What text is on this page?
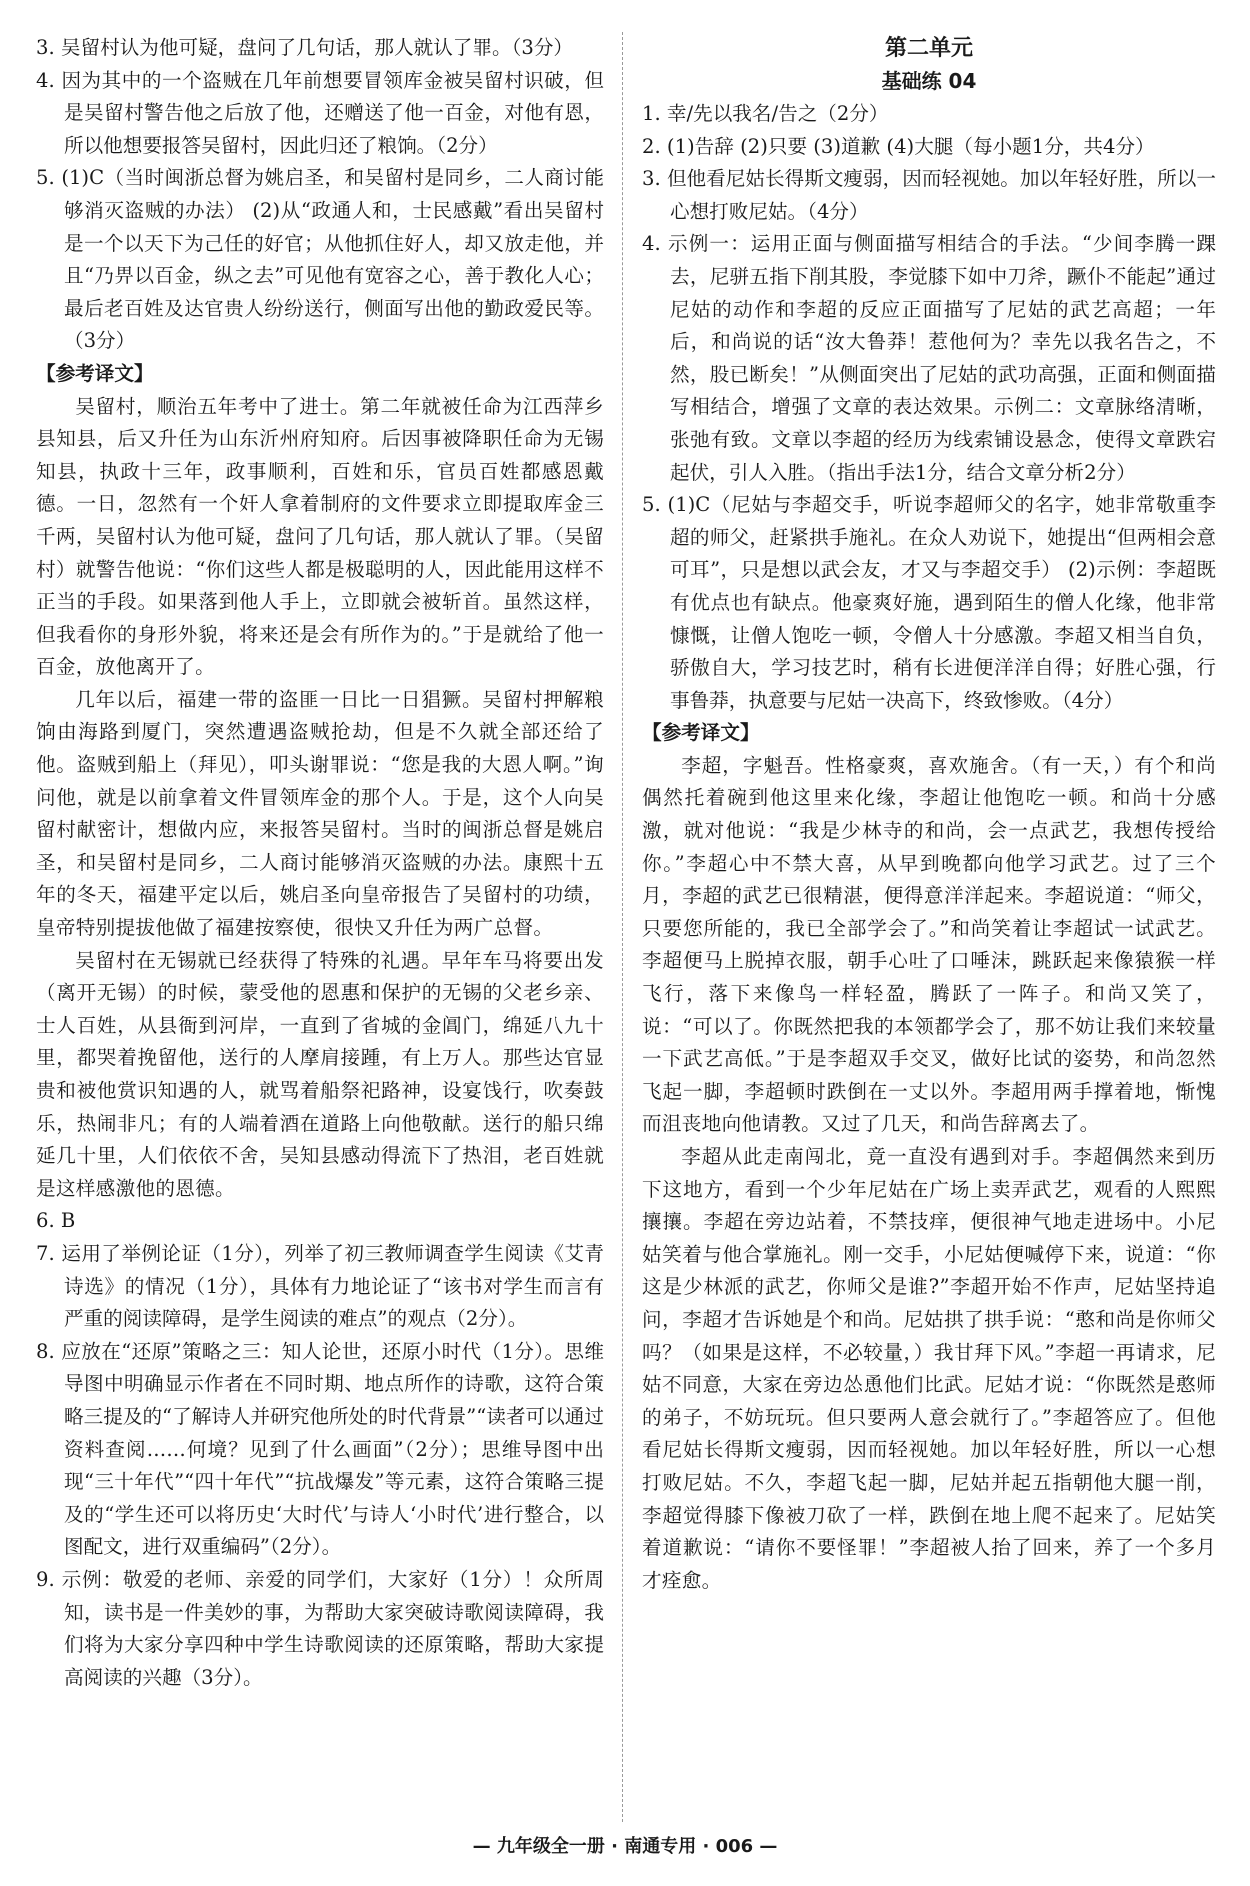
3. 吴留村认为他可疑，盘问了几句话，那人就认了罪。（3分）

4. 因为其中的一个盗贼在几年前想要冒领库金被吴留村识破，但是吴留村警告他之后放了他，还赠送了他一百金，对他有恩，所以他想要报答吴留村，因此归还了粮饷。（2分）

5. (1)C（当时闽浙总督为姚启圣，和吴留村是同乡，二人商讨能够消灭盗贼的办法） (2)从“政通人和，士民感戴”看出吴留村是一个以天下为己任的好官；从他抓住好人，却又放走他，并且“乃畀以百金，纵之去”可见他有宽容之心，善于教化人心；最后老百姓及达官贵人纷纷送行，侧面写出他的勤政爱民等。（3分）

【参考译文】

吴留村，顺治五年考中了进士。第二年就被任命为江西萍乡县知县，后又升任为山东沂州府知府。后因事被降职任命为无锡知县，执政十三年，政事顺利，百姓和乐，官员百姓都感恩戴德。一日，忽然有一个奸人拿着制府的文件要求立即提取库金三千两，吴留村认为他可疑，盘问了几句话，那人就认了罪。（吴留村）就警告他说：“你们这些人都是极聪明的人，因此能用这样不正当的手段。如果落到他人手上，立即就会被斩首。虽然这样，但我看你的身形外貌，将来还是会有所作为的。”于是就给了他一百金，放他离开了。

几年以后，福建一带的盗匪一日比一日猖獗。吴留村押解粮饷由海路到厦门，突然遭遇盗贼抢劫，但是不久就全部还给了他。盗贼到船上（拜见），叩头谢罪说：“您是我的大恩人啊。”询问他，就是以前拿着文件冒领库金的那个人。于是，这个人向吴留村献密计，想做内应，来报答吴留村。当时的闽浙总督是姚启圣，和吴留村是同乡，二人商讨能够消灭盗贼的办法。康熙十五年的冬天，福建平定以后，姚启圣向皇帝报告了吴留村的功绩，皇帝特别提拔他做了福建按察使，很快又升任为两广总督。

吴留村在无锡就已经获得了特殊的礼遇。早年车马将要出发（离开无锡）的时候，蒙受他的恩惠和保护的无锡的父老乡亲、士人百姓，从县衙到河岸，一直到了省城的金阊门，绵延八九十里，都哭着挽留他，送行的人摩肩接踵，有上万人。那些达官显贵和被他赏识知遇的人，就骂着船祭祀路神，设宴饯行，吹奏鼓乐，热闹非凡；有的人端着酒在道路上向他敬献。送行的船只绵延几十里，人们依依不舍，吴知县感动得流下了热泪，老百姓就是这样感激他的恩德。

6. B

7. 运用了举例论证（1分），列举了初三教师调查学生阅读《艾青诗选》的情况（1分），具体有力地论证了“该书对学生而言有严重的阅读障碍，是学生阅读的难点”的观点（2分）。

8. 应放在“还原”策略之三：知人论世，还原小时代（1分）。思维导图中明确显示作者在不同时期、地点所作的诗歌，这符合策略三提及的“了解诗人并研究他所处的时代背景”“读者可以通过资料查阅……何境？见到了什么画面”（2分）；思维导图中出现“三十年代”“四十年代”“抗战爆发”等元素，这符合策略三提及的“学生还可以将历史‘大时代’与诗人‘小时代’进行整合，以图配文，进行双重编码”（2分）。

9. 示例：敬爱的老师、亲爱的同学们，大家好（1分）！众所周知，读书是一件美妙的事，为帮助大家突破诗歌阅读障碍，我们将为大家分享四种中学生诗歌阅读的还原策略，帮助大家提高阅读的兴趣（3分）。

第二单元

基础练 04

1. 幸/先以我名/告之（2分）

2. (1)告辞 (2)只要 (3)道歉 (4)大腿（每小题1分，共4分）

3. 但他看尼姑长得斯文瘦弱，因而轻视她。加以年轻好胜，所以一心想打败尼姑。（4分）

4. 示例一：运用正面与侧面描写相结合的手法。“少间李腾一踝去，尼骈五指下削其股，李觉膝下如中刀斧，蹶仆不能起”通过尼姑的动作和李超的反应正面描写了尼姑的武艺高超；一年后，和尚说的话“汝大鲁莽！惹他何为？幸先以我名告之，不然，股已断矣！”从侧面突出了尼姑的武功高强，正面和侧面描写相结合，增强了文章的表达效果。示例二：文章脉络清晰，张弛有致。文章以李超的经历为线索铺设悬念，使得文章跌宕起伏，引人入胜。（指出手法1分，结合文章分析2分）

5. (1)C（尼姑与李超交手，听说李超师父的名字，她非常敬重李超的师父，赶紧拱手施礼。在众人劝说下，她提出“但两相会意可耳”，只是想以武会友，才又与李超交手） (2)示例：李超既有优点也有缺点。他豪爽好施，遇到陌生的僧人化缘，他非常慷慨，让僧人饱吃一顿，令僧人十分感激。李超又相当自负，骄傲自大，学习技艺时，稍有长进便洋洋自得；好胜心强，行事鲁莽，执意要与尼姑一决高下，终致惨败。（4分）

【参考译文】

李超，字魁吾。性格豪爽，喜欢施舍。（有一天，）有个和尚偶然托着碗到他这里来化缘，李超让他饱吃一顿。和尚十分感激，就对他说：“我是少林寺的和尚，会一点武艺，我想传授给你。”李超心中不禁大喜，从早到晚都向他学习武艺。过了三个月，李超的武艺已很精湛，便得意洋洋起来。李超说道：“师父，只要您所能的，我已全部学会了。”和尚笑着让李超试一试武艺。李超便马上脱掉衣服，朝手心吐了口唾沫，跳跃起来像猿猴一样飞行，落下来像鸟一样轻盈，腾跃了一阵子。和尚又笑了，说：“可以了。你既然把我的本领都学会了，那不妨让我们来较量一下武艺高低。”于是李超双手交叉，做好比试的姿势，和尚忽然飞起一脚，李超顿时跌倒在一丈以外。李超用两手撑着地，惭愧而沮丧地向他请教。又过了几天，和尚告辞离去了。

李超从此走南闯北，竟一直没有遇到对手。李超偶然来到历下这地方，看到一个少年尼姑在广场上卖弄武艺，观看的人熙熙攘攘。李超在旁边站着，不禁技痒，便很神气地走进场中。小尼姑笑着与他合掌施礼。刚一交手，小尼姑便喊停下来，说道：“你这是少林派的武艺，你师父是谁?”李超开始不作声，尼姑坚持追问，李超才告诉她是个和尚。尼姑拱了拱手说：“憨和尚是你师父吗？（如果是这样，不必较量，）我甘拜下风。”李超一再请求，尼姑不同意，大家在旁边怂恿他们比武。尼姑才说：“你既然是憨师的弟子，不妨玩玩。但只要两人意会就行了。”李超答应了。但他看尼姑长得斯文瘦弱，因而轻视她。加以年轻好胜，所以一心想打败尼姑。不久，李超飞起一脚，尼姑并起五指朝他大腿一削，李超觉得膝下像被刀砍了一样，跌倒在地上爬不起来了。尼姑笑着道歉说：“请你不要怪罪！”李超被人抬了回来，养了一个多月才痊愈。

— 九年级全一册 · 南通专用 · 006 —
